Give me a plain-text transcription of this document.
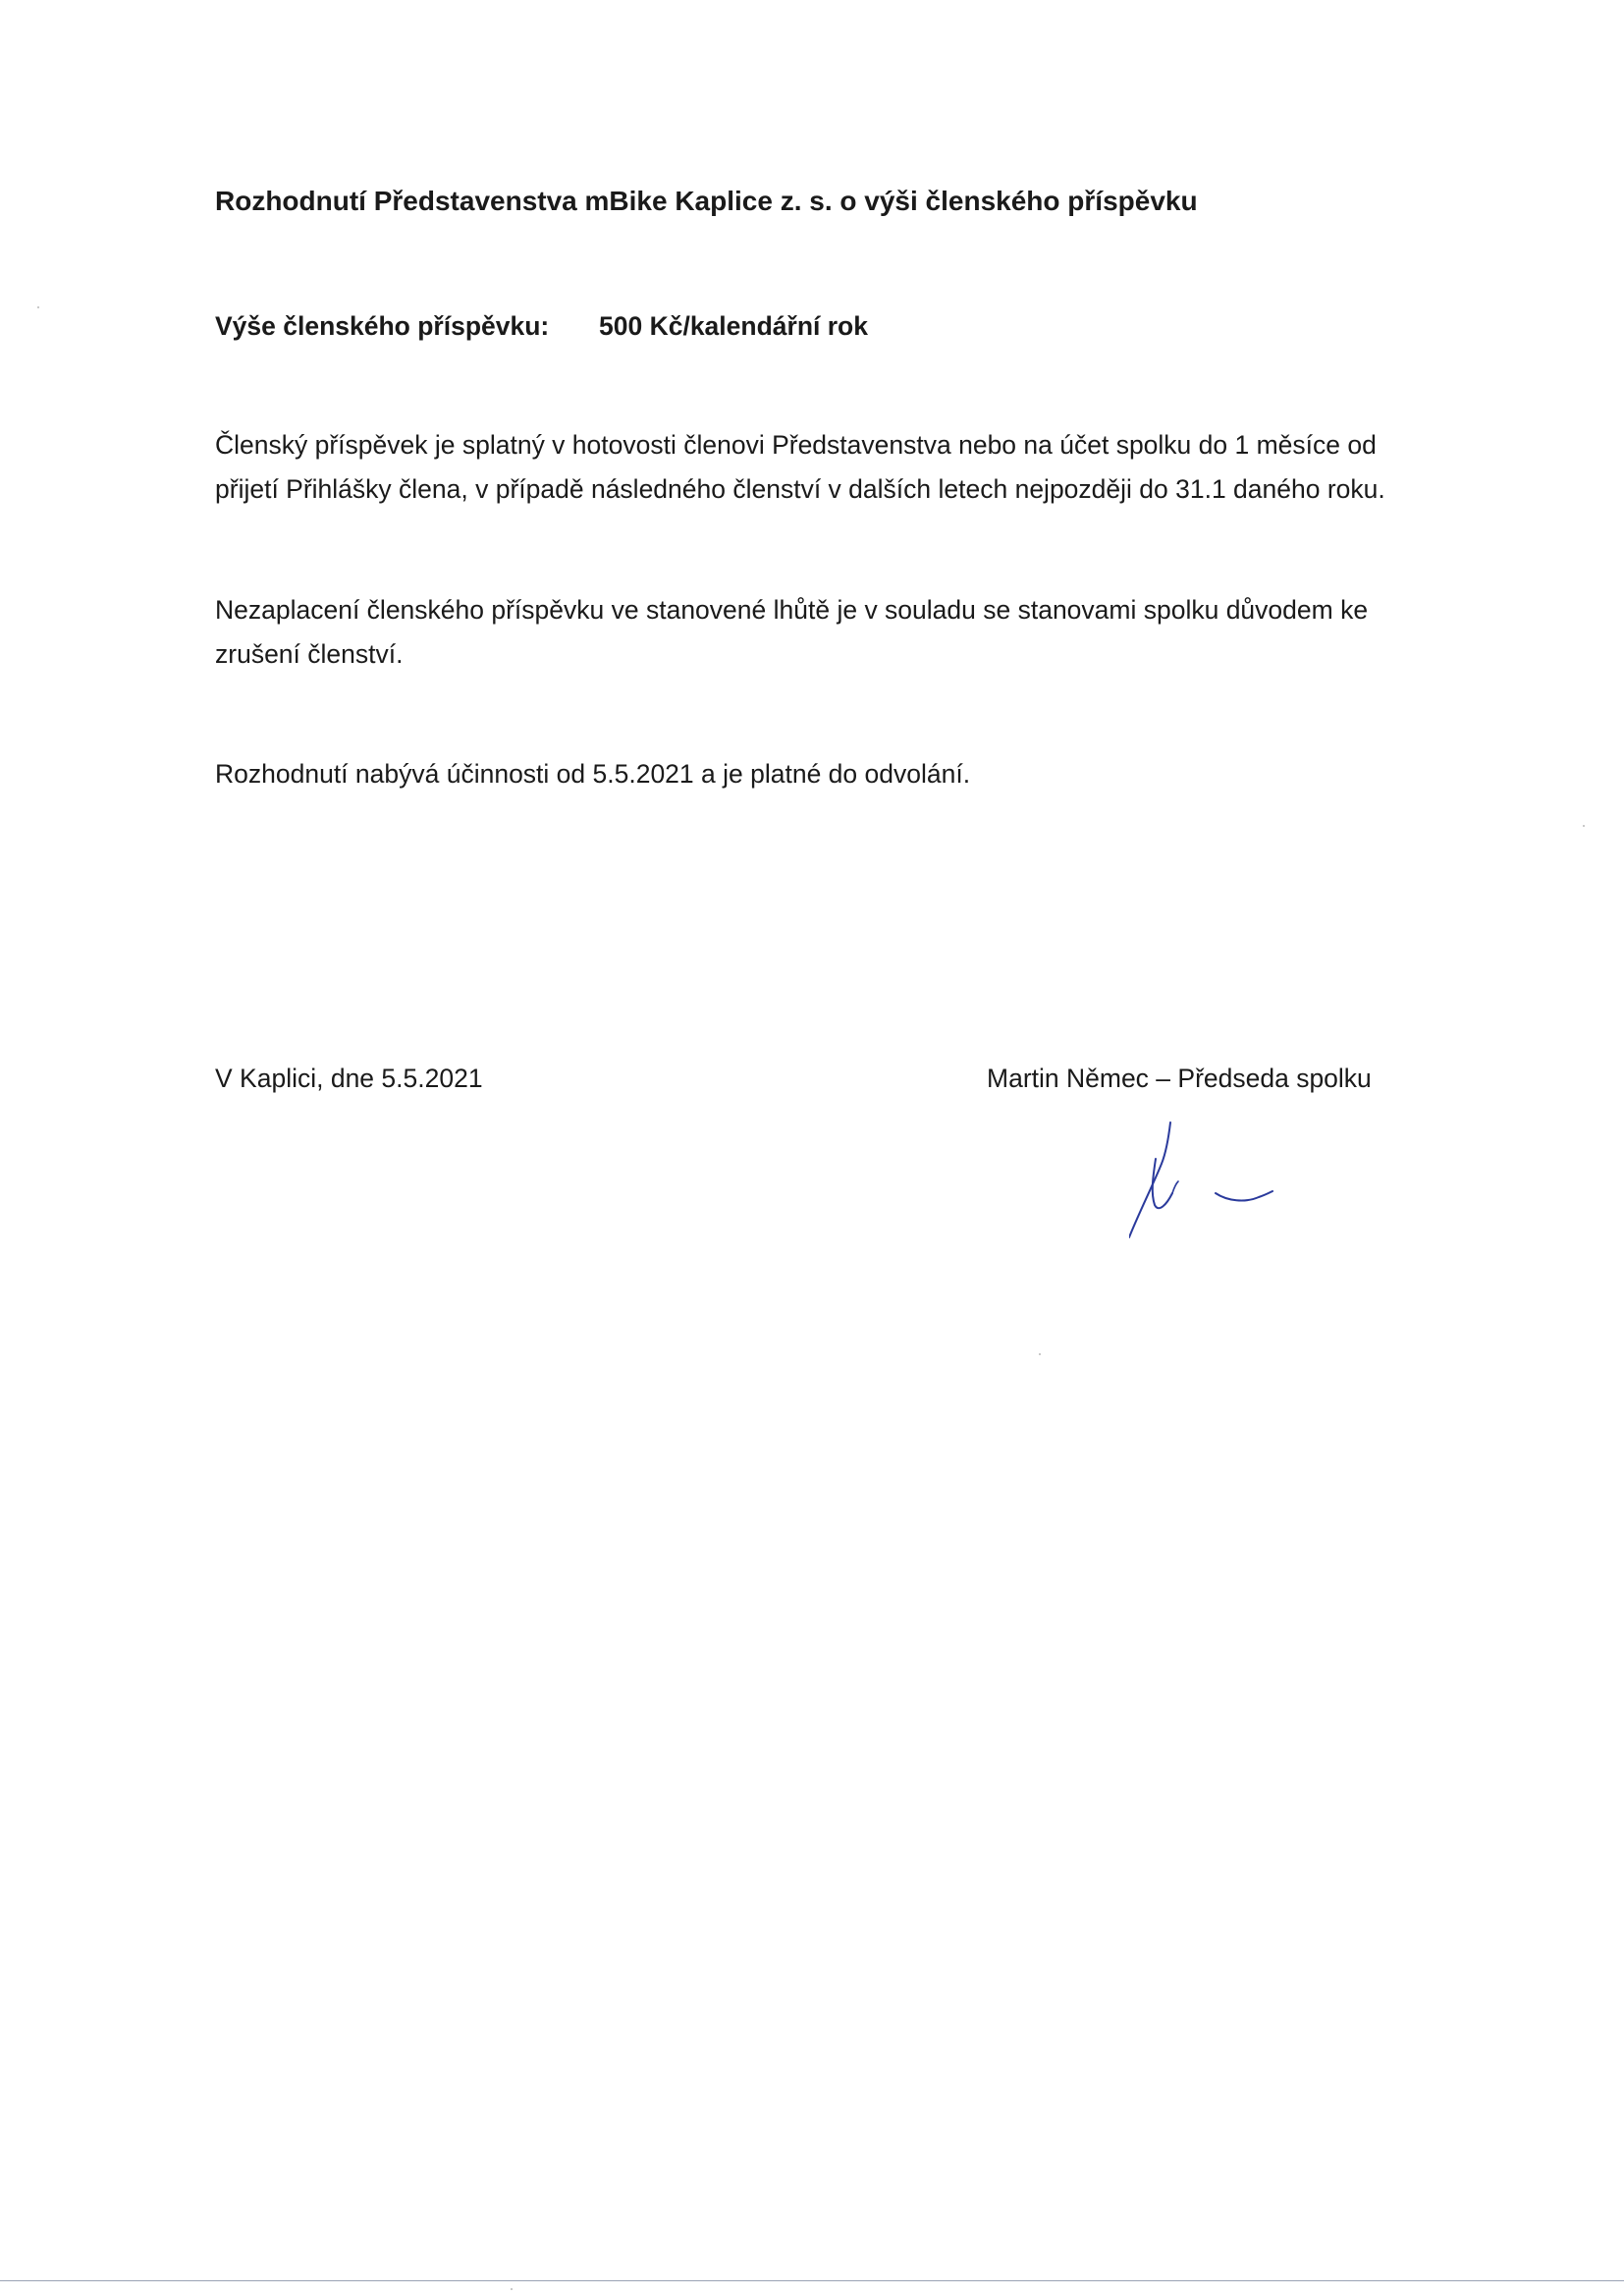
Rozhodnutí Představenstva mBike Kaplice z. s. o výši členského příspěvku
Výše členského příspěvku: 500 Kč/kalendářní rok
Členský příspěvek je splatný v hotovosti členovi Představenstva nebo na účet spolku do 1 měsíce od
přijetí Přihlášky člena, v případě následného členství v dalších letech nejpozději do 31.1 daného roku.
Nezaplacení členského příspěvku ve stanovené lhůtě je v souladu se stanovami spolku důvodem ke
zrušení členství.
Rozhodnutí nabývá účinnosti od 5.5.2021 a je platné do odvolání.
V Kaplici, dne 5.5.2021	Martin Němec – Předseda spolku
